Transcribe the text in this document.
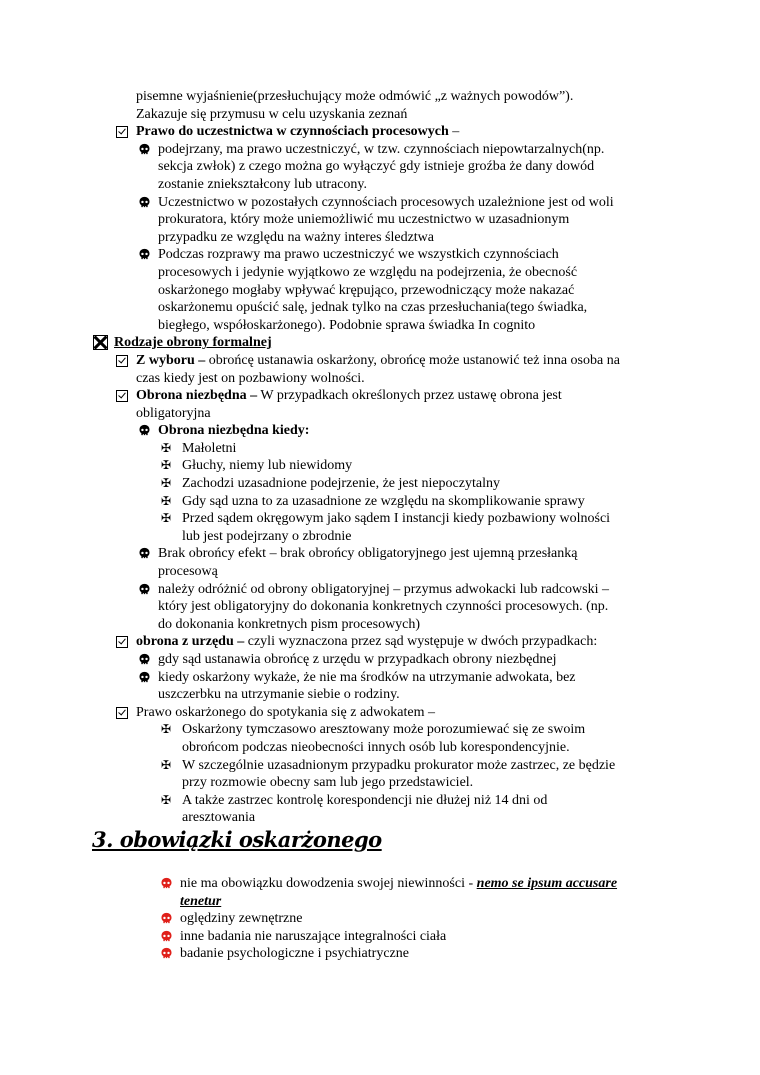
pisemne wyjaśnienie(przesłuchujący może odmówić „z ważnych powodów”).
Zakazuje się przymusu w celu uzyskania zeznań
Prawo do uczestnictwa w czynnościach procesowych –
podejrzany, ma prawo uczestniczyć, w tzw. czynnościach niepowtarzalnych(np.
sekcja zwłok) z czego można go wyłączyć gdy istnieje groźba że dany dowód
zostanie zniekształcony lub utracony.
Uczestnictwo w pozostałych czynnościach procesowych uzależnione jest od woli
prokuratora, który może uniemożliwić mu uczestnictwo w uzasadnionym
przypadku ze względu na ważny interes śledztwa
Podczas rozprawy ma prawo uczestniczyć we wszystkich czynnościach
procesowych i jedynie wyjątkowo ze względu na podejrzenia, że obecność
oskarżonego mogłaby wpływać krępująco, przewodniczący może nakazać
oskarżonemu opuścić salę, jednak tylko na czas przesłuchania(tego świadka,
biegłego, współoskarżonego). Podobnie sprawa świadka In cognito
Rodzaje obrony formalnej
Z wyboru – obrońcę ustanawia oskarżony, obrońcę może ustanowić też inna osoba na
czas kiedy jest on pozbawiony wolności.
Obrona niezbędna – W przypadkach określonych przez ustawę obrona jest
obligatoryjna
Obrona niezbędna kiedy:
✠ Małoletni
✠ Głuchy, niemy lub niewidomy
✠ Zachodzi uzasadnione podejrzenie, że jest niepoczytalny
✠ Gdy sąd uzna to za uzasadnione ze względu na skomplikowanie sprawy
✠ Przed sądem okręgowym jako sądem I instancji kiedy pozbawiony wolności
lub jest podejrzany o zbrodnie
Brak obrońcy efekt – brak obrońcy obligatoryjnego jest ujemną przesłanką
procesową
należy odróżnić od obrony obligatoryjnej – przymus adwokacki lub radcowski –
który jest obligatoryjny do dokonania konkretnych czynności procesowych. (np.
do dokonania konkretnych pism procesowych)
obrona z urzędu – czyli wyznaczona przez sąd występuje w dwóch przypadkach:
gdy sąd ustanawia obrońcę z urzędu w przypadkach obrony niezbędnej
kiedy oskarżony wykaże, że nie ma środków na utrzymanie adwokata, bez
uszczerbku na utrzymanie siebie o rodziny.
Prawo oskarżonego do spotykania się z adwokatem –
✠ Oskarżony tymczasowo aresztowany może porozumiewać się ze swoim
obrońcom podczas nieobecności innych osób lub korespondencyjnie.
✠ W szczególnie uzasadnionym przypadku prokurator może zastrzec, ze będzie
przy rozmowie obecny sam lub jego przedstawiciel.
✠ A także zastrzec kontrolę korespondencji nie dłużej niż 14 dni od
aresztowania
3. obowiązki oskarżonego
nie ma obowiązku dowodzenia swojej niewinności - nemo se ipsum accusare
tenetur
oględziny zewnętrzne
inne badania nie naruszające integralności ciała
badanie psychologiczne i psychiatryczne
